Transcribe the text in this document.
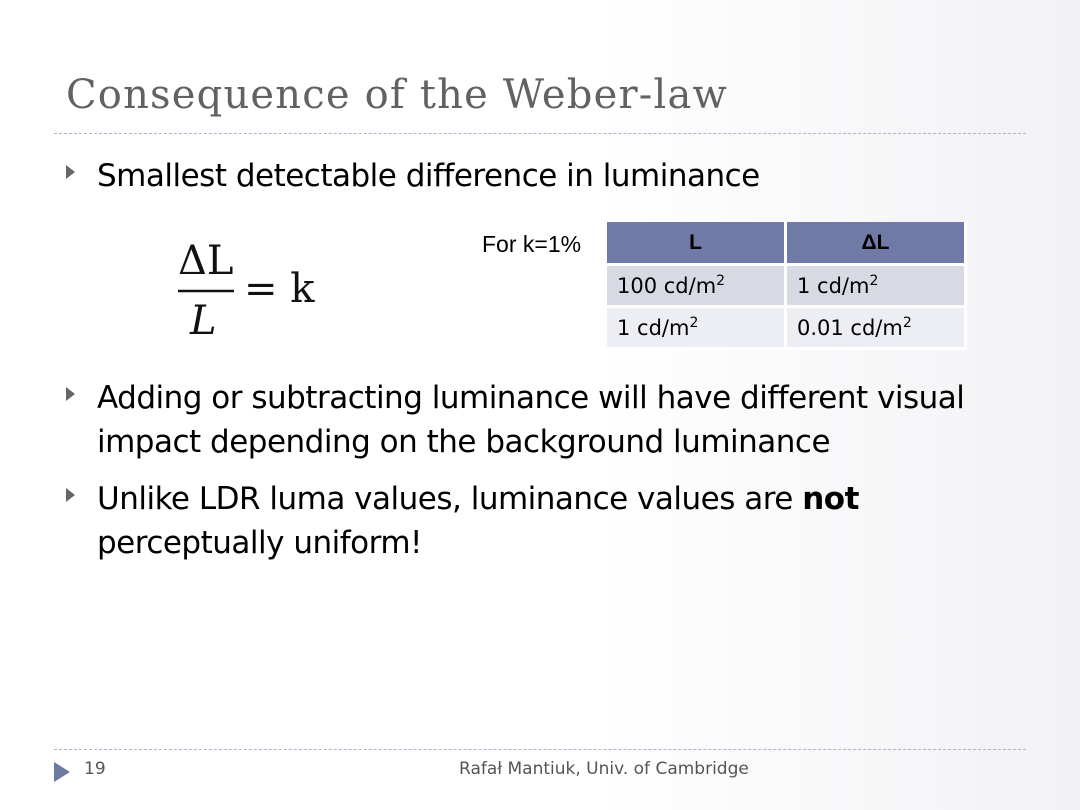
Consequence of the Weber-law
Smallest detectable difference in luminance
ΔL
L
= k
For k=1%	L	ΔL
100 $cd/m^2$	1 $cd/m^2$
1 $cd/m^2$	0.01 $cd/m^2$
Adding or subtracting luminance will have different visual impact depending on the background luminance
Unlike LDR luma values, luminance values are not perceptually uniform!
19	Rafał Mantiuk, Univ. of Cambridge
